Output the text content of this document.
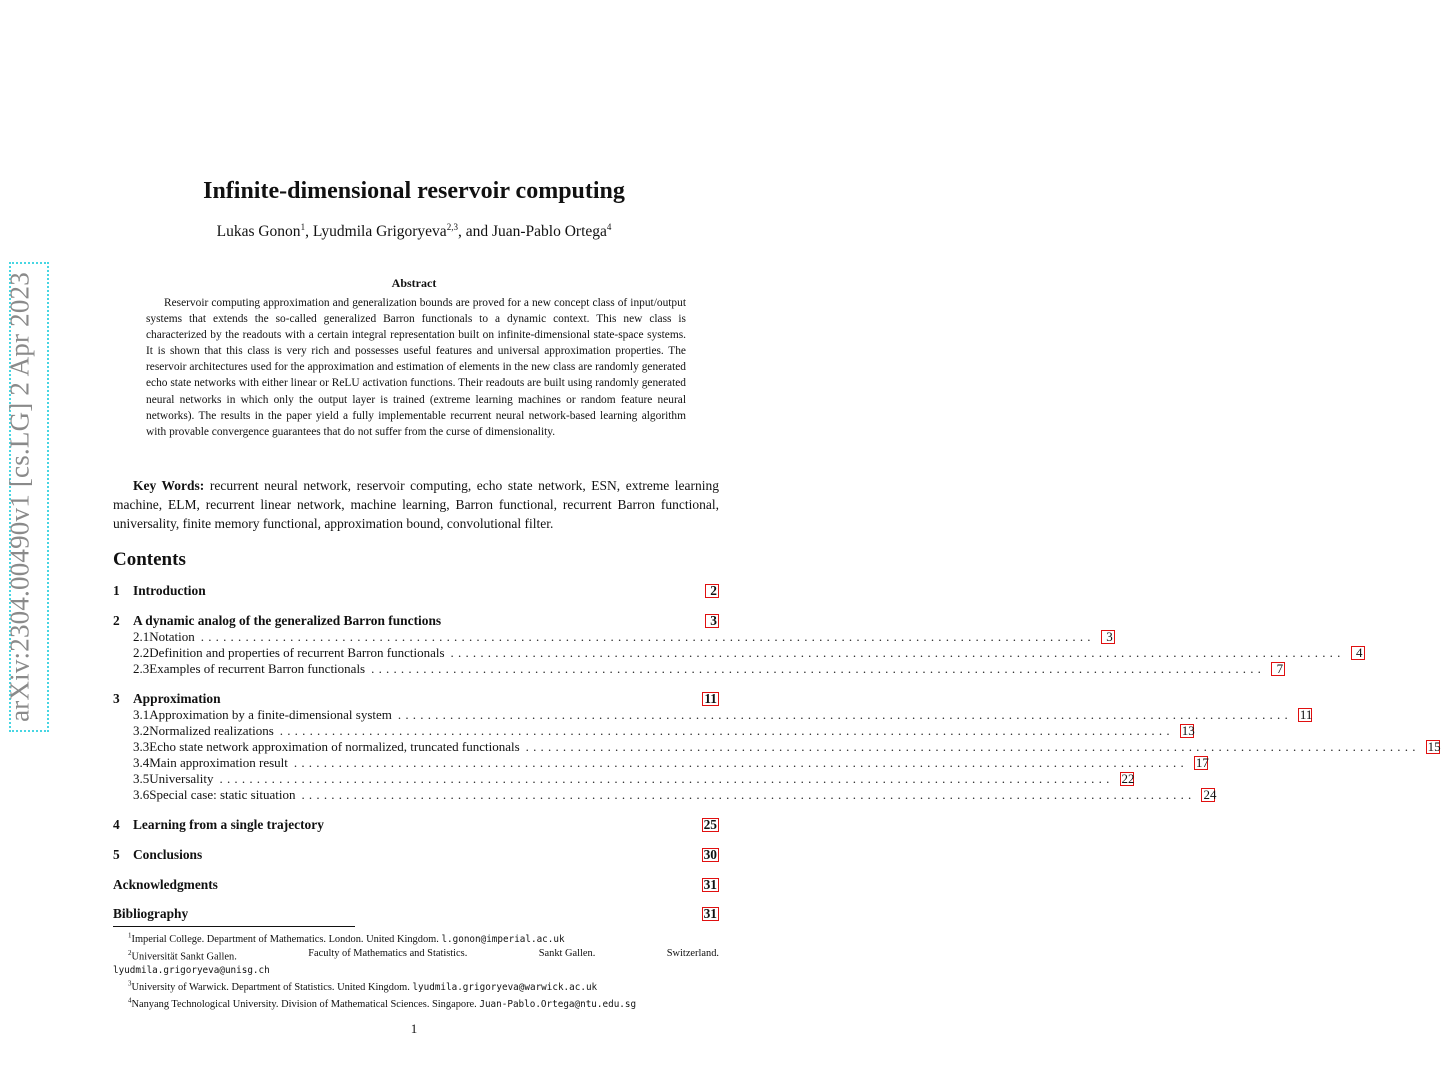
arXiv:2304.00490v1 [cs.LG] 2 Apr 2023
Infinite-dimensional reservoir computing
Lukas Gonon$^1$, Lyudmila Grigoryeva$^{2,3}$, and Juan-Pablo Ortega$^4$
Abstract
Reservoir computing approximation and generalization bounds are proved for a new concept class of input/output systems that extends the so-called generalized Barron functionals to a dynamic context. This new class is characterized by the readouts with a certain integral representation built on infinite-dimensional state-space systems. It is shown that this class is very rich and possesses useful features and universal approximation properties. The reservoir architectures used for the approximation and estimation of elements in the new class are randomly generated echo state networks with either linear or ReLU activation functions. Their readouts are built using randomly generated neural networks in which only the output layer is trained (extreme learning machines or random feature neural networks). The results in the paper yield a fully implementable recurrent neural network-based learning algorithm with provable convergence guarantees that do not suffer from the curse of dimensionality.
Key Words: recurrent neural network, reservoir computing, echo state network, ESN, extreme learning machine, ELM, recurrent linear network, machine learning, Barron functional, recurrent Barron functional, universality, finite memory functional, approximation bound, convolutional filter.
Contents
1 Introduction	2
2 A dynamic analog of the generalized Barron functions	3
2.1 Notation ........................................................................................................................ 3
2.2 Definition and properties of recurrent Barron functionals ........................................................................................................................ 4
2.3 Examples of recurrent Barron functionals ........................................................................................................................ 7
3 Approximation	11
3.1 Approximation by a finite-dimensional system ........................................................................................................................ 11
3.2 Normalized realizations ........................................................................................................................ 13
3.3 Echo state network approximation of normalized, truncated functionals ........................................................................................................................ 15
3.4 Main approximation result ........................................................................................................................ 17
3.5 Universality ........................................................................................................................ 22
3.6 Special case: static situation ........................................................................................................................ 24
4 Learning from a single trajectory	25
5 Conclusions	30
Acknowledgments	31
Bibliography	31
$^1$Imperial College. Department of Mathematics. London. United Kingdom. l.gonon@imperial.ac.uk
$^2$Universität Sankt Gallen.	Faculty of Mathematics and Statistics.	Sankt Gallen.	Switzerland.
lyudmila.grigoryeva@unisg.ch
$^3$University of Warwick. Department of Statistics. United Kingdom. lyudmila.grigoryeva@warwick.ac.uk
$^4$Nanyang Technological University. Division of Mathematical Sciences. Singapore. Juan-Pablo.Ortega@ntu.edu.sg
1
